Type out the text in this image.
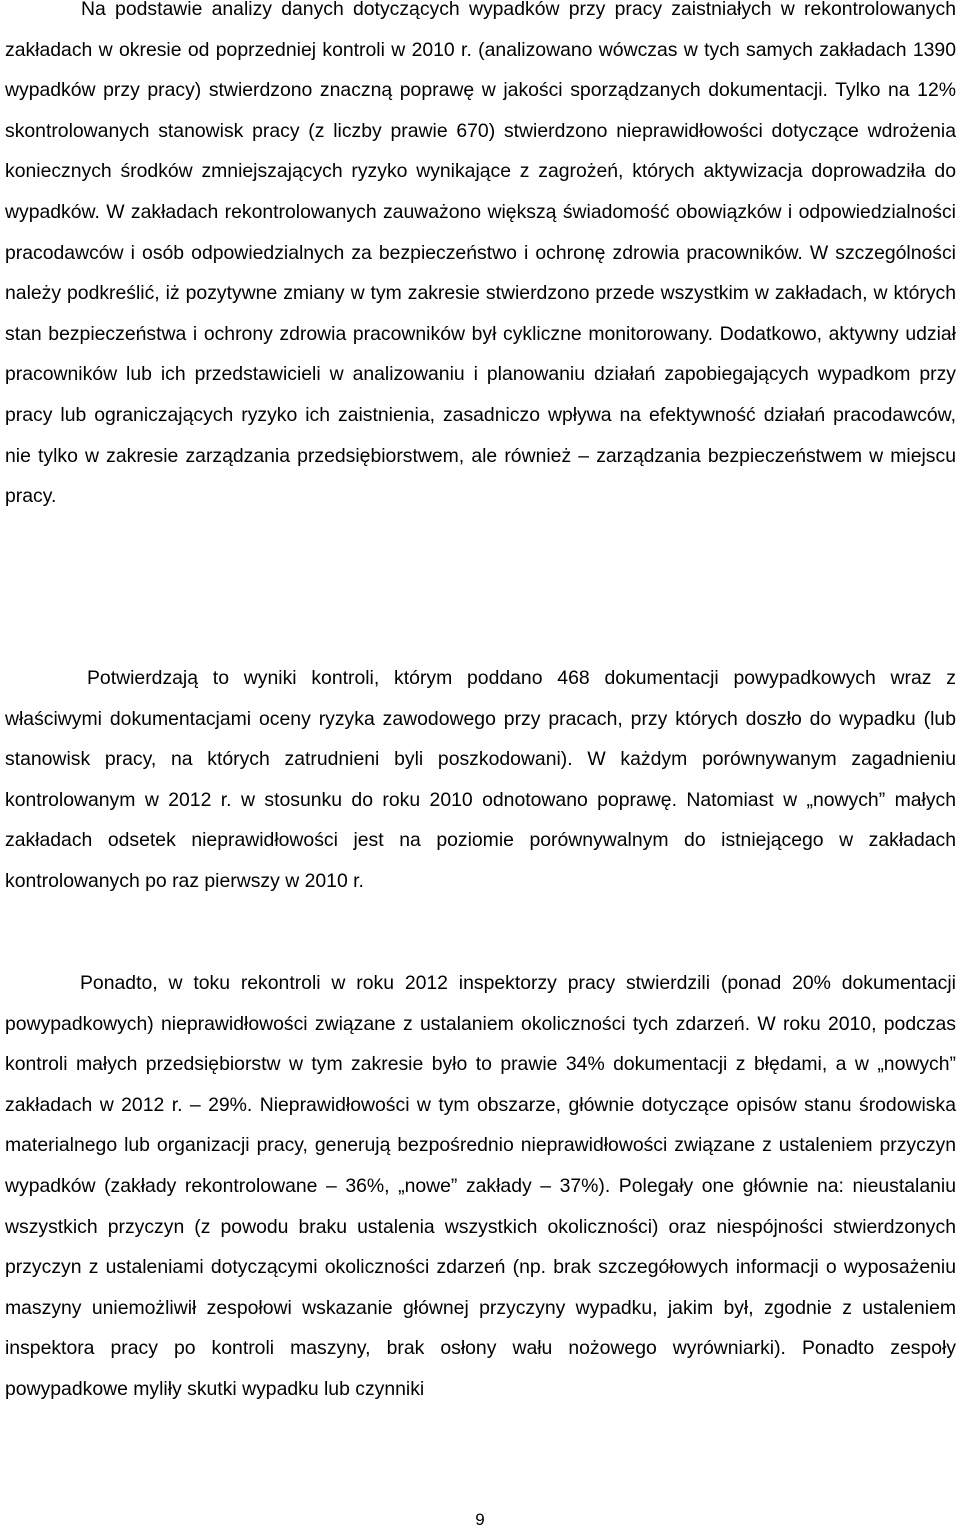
Na podstawie analizy danych dotyczących wypadków przy pracy zaistniałych w rekontrolowanych zakładach w okresie od poprzedniej kontroli w 2010 r. (analizowano wówczas w tych samych zakładach 1390 wypadków przy pracy) stwierdzono znaczną poprawę w jakości sporządzanych dokumentacji. Tylko na 12% skontrolowanych stanowisk pracy (z liczby prawie 670) stwierdzono nieprawidłowości dotyczące wdrożenia koniecznych środków zmniejszających ryzyko wynikające z zagrożeń, których aktywizacja doprowadziła do wypadków. W zakładach rekontrolowanych zauważono większą świadomość obowiązków i odpowiedzialności pracodawców i osób odpowiedzialnych za bezpieczeństwo i ochronę zdrowia pracowników. W szczególności należy podkreślić, iż pozytywne zmiany w tym zakresie stwierdzono przede wszystkim w zakładach, w których stan bezpieczeństwa i ochrony zdrowia pracowników był cykliczne monitorowany. Dodatkowo, aktywny udział pracowników lub ich przedstawicieli w analizowaniu i planowaniu działań zapobiegających wypadkom przy pracy lub ograniczających ryzyko ich zaistnienia, zasadniczo wpływa na efektywność działań pracodawców, nie tylko w zakresie zarządzania przedsiębiorstwem, ale również – zarządzania bezpieczeństwem w miejscu pracy.

Potwierdzają to wyniki kontroli, którym poddano 468 dokumentacji powypadkowych wraz z właściwymi dokumentacjami oceny ryzyka zawodowego przy pracach, przy których doszło do wypadku (lub stanowisk pracy, na których zatrudnieni byli poszkodowani). W każdym porównywanym zagadnieniu kontrolowanym w 2012 r. w stosunku do roku 2010 odnotowano poprawę. Natomiast w „nowych” małych zakładach odsetek nieprawidłowości jest na poziomie porównywalnym do istniejącego w zakładach kontrolowanych po raz pierwszy w 2010 r.

Ponadto, w toku rekontroli w roku 2012 inspektorzy pracy stwierdzili (ponad 20% dokumentacji powypadkowych) nieprawidłowości związane z ustalaniem okoliczności tych zdarzeń. W roku 2010, podczas kontroli małych przedsiębiorstw w tym zakresie było to prawie 34% dokumentacji z błędami, a w „nowych” zakładach w 2012 r. – 29%. Nieprawidłowości w tym obszarze, głównie dotyczące opisów stanu środowiska materialnego lub organizacji pracy, generują bezpośrednio nieprawidłowości związane z ustaleniem przyczyn wypadków (zakłady rekontrolowane – 36%, „nowe” zakłady – 37%). Polegały one głównie na: nieustalaniu wszystkich przyczyn (z powodu braku ustalenia wszystkich okoliczności) oraz niespójności stwierdzonych przyczyn z ustaleniami dotyczącymi okoliczności zdarzeń (np. brak szczegółowych informacji o wyposażeniu maszyny uniemożliwił zespołowi wskazanie głównej przyczyny wypadku, jakim był, zgodnie z ustaleniem inspektora pracy po kontroli maszyny, brak osłony wału nożowego wyrówniarki). Ponadto zespoły powypadkowe myliły skutki wypadku lub czynniki

9
